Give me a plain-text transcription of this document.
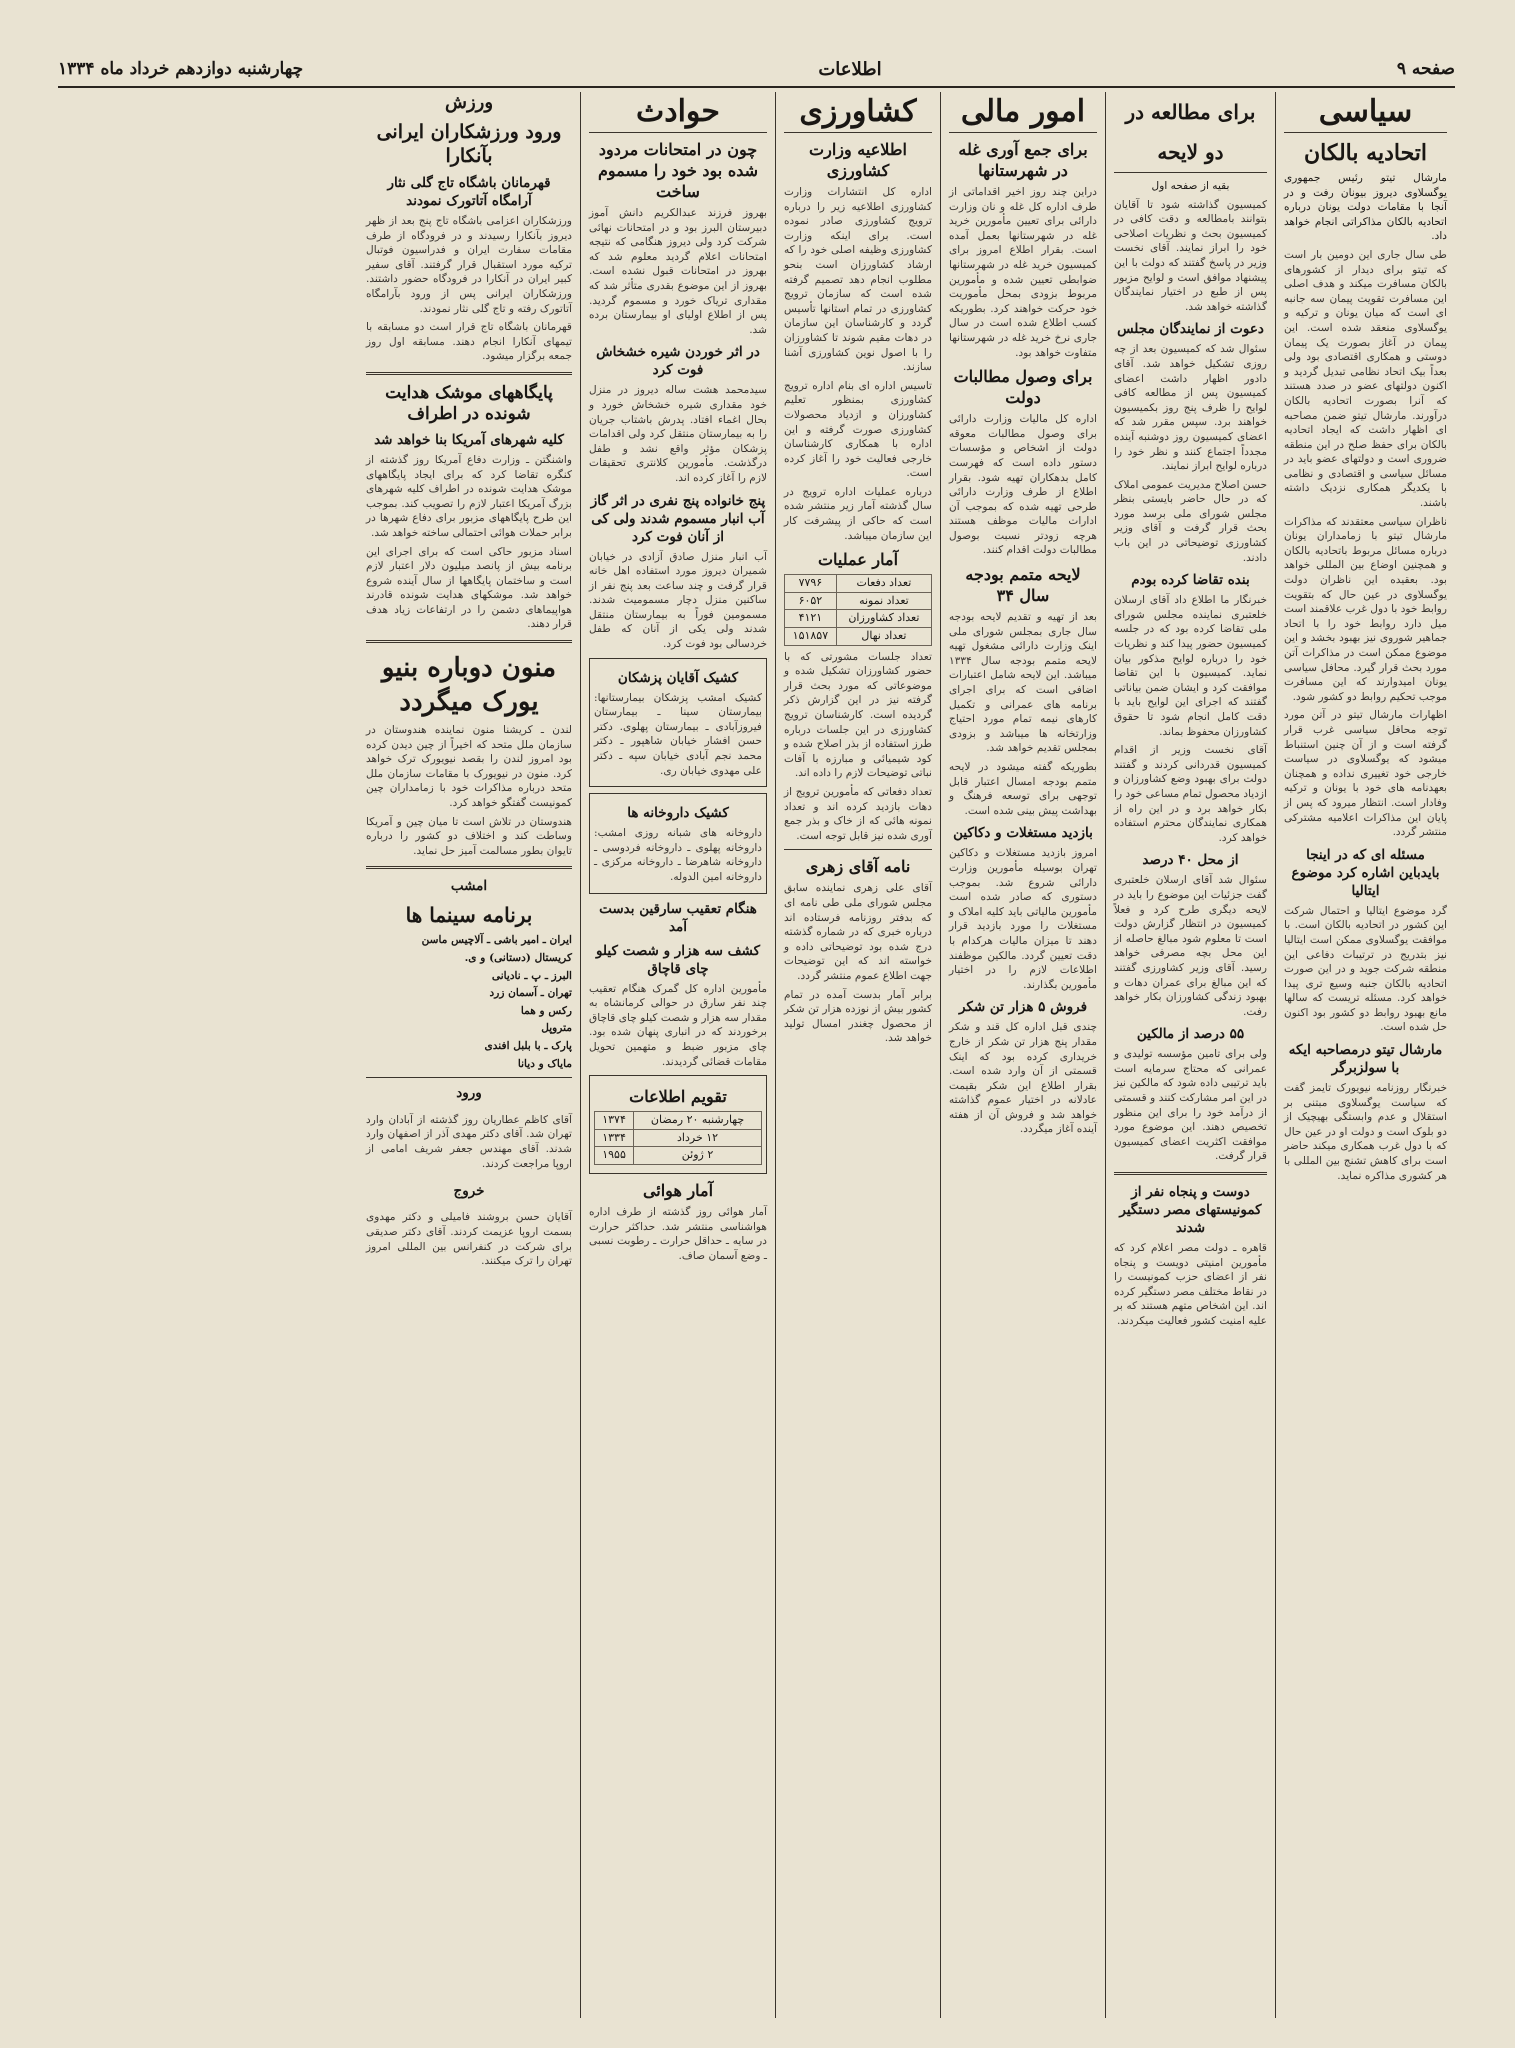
صفحه ۹
اطلاعات
چهارشنبه دوازدهم خرداد ماه ۱۳۳۴
سیاسی
اتحادیه بالکان

مارشال تیتو رئیس جمهوری یوگسلاوی دیروز بیونان رفت و در آنجا با مقامات دولت یونان درباره اتحادیه بالکان مذاکراتی انجام خواهد داد.

طی سال جاری این دومین بار است که تیتو برای دیدار از کشورهای بالکان مسافرت میکند و هدف اصلی این مسافرت تقویت پیمان سه جانبه ای است که میان یونان و ترکیه و یوگسلاوی منعقد شده است. این پیمان در آغاز بصورت یک پیمان دوستی و همکاری اقتصادی بود ولی بعداً بیک اتحاد نظامی تبدیل گردید و اکنون دولتهای عضو در صدد هستند که آنرا بصورت اتحادیه بالکان درآورند. مارشال تیتو ضمن مصاحبه ای اظهار داشت که ایجاد اتحادیه بالکان برای حفظ صلح در این منطقه ضروری است و دولتهای عضو باید در مسائل سیاسی و اقتصادی و نظامی با یکدیگر همکاری نزدیک داشته باشند.

ناظران سیاسی معتقدند که مذاکرات مارشال تیتو با زمامداران یونان درباره مسائل مربوط باتحادیه بالکان و همچنین اوضاع بین المللی خواهد بود. بعقیده این ناظران دولت یوگسلاوی در عین حال که بتقویت روابط خود با دول غرب علاقمند است میل دارد روابط خود را با اتحاد جماهیر شوروی نیز بهبود بخشد و این موضوع ممکن است در مذاکرات آتن مورد بحث قرار گیرد. محافل سیاسی یونان امیدوارند که این مسافرت موجب تحکیم روابط دو کشور شود.

اظهارات مارشال تیتو در آتن مورد توجه محافل سیاسی غرب قرار گرفته است و از آن چنین استنباط میشود که یوگسلاوی در سیاست خارجی خود تغییری نداده و همچنان بعهدنامه های خود با یونان و ترکیه وفادار است. انتظار میرود که پس از پایان این مذاکرات اعلامیه مشترکی منتشر گردد.

مسئله ای که در اینجا بایدباین اشاره کرد موضوع ایتالیا

گرد موضوع ایتالیا و احتمال شرکت این کشور در اتحادیه بالکان است. با موافقت یوگسلاوی ممکن است ایتالیا نیز بتدریج در ترتیبات دفاعی این منطقه شرکت جوید و در این صورت اتحادیه بالکان جنبه وسیع تری پیدا خواهد کرد. مسئله تریست که سالها مانع بهبود روابط دو کشور بود اکنون حل شده است.

مارشال تیتو درمصاحبه ایکه با سولزبرگر

خبرنگار روزنامه نیویورک تایمز گفت که سیاست یوگسلاوی مبتنی بر استقلال و عدم وابستگی بهیچیک از دو بلوک است و دولت او در عین حال که با دول غرب همکاری میکند حاضر است برای کاهش تشنج بین المللی با هر کشوری مذاکره نماید.

برای مطالعه در دو لایحه

بقیه از صفحه اول

کمیسیون گذاشته شود تا آقایان بتوانند بامطالعه و دقت کافی در کمیسیون بحث و نظریات اصلاحی خود را ابراز نمایند. آقای نخست وزیر در پاسخ گفتند که دولت با این پیشنهاد موافق است و لوایح مزبور پس از طبع در اختیار نمایندگان گذاشته خواهد شد.

دعوت از نمایندگان مجلس

سئوال شد که کمیسیون بعد از چه روزی تشکیل خواهد شد. آقای دادور اظهار داشت اعضای کمیسیون پس از مطالعه کافی لوایح را ظرف پنج روز بکمیسیون خواهند برد. سپس مقرر شد که اعضای کمیسیون روز دوشنبه آینده مجدداً اجتماع کنند و نظر خود را درباره لوایح ابراز نمایند.

حسن اصلاح مدیریت عمومی املاک که در حال حاضر بایستی بنظر مجلس شورای ملی برسد مورد بحث قرار گرفت و آقای وزیر کشاورزی توضیحاتی در این باب دادند.

بنده تقاضا کرده بودم

خبرنگار ما اطلاع داد آقای ارسلان خلعتبری نماینده مجلس شورای ملی تقاضا کرده بود که در جلسه کمیسیون حضور پیدا کند و نظریات خود را درباره لوایح مذکور بیان نماید. کمیسیون با این تقاضا موافقت کرد و ایشان ضمن بیاناتی گفتند که اجرای این لوایح باید با دقت کامل انجام شود تا حقوق کشاورزان محفوظ بماند.

آقای نخست وزیر از اقدام کمیسیون قدردانی کردند و گفتند دولت برای بهبود وضع کشاورزان و ازدیاد محصول تمام مساعی خود را بکار خواهد برد و در این راه از همکاری نمایندگان محترم استفاده خواهد کرد.

از محل ۴۰ درصد

سئوال شد آقای ارسلان خلعتبری گفت جزئیات این موضوع را باید در لایحه دیگری طرح کرد و فعلاً کمیسیون در انتظار گزارش دولت است تا معلوم شود مبالغ حاصله از این محل بچه مصرفی خواهد رسید. آقای وزیر کشاورزی گفتند که این مبالغ برای عمران دهات و بهبود زندگی کشاورزان بکار خواهد رفت.

۵۵ درصد از مالکین

ولی برای تامین مؤسسه تولیدی و عمرانی که محتاج سرمایه است باید ترتیبی داده شود که مالکین نیز در این امر مشارکت کنند و قسمتی از درآمد خود را برای این منظور تخصیص دهند. این موضوع مورد موافقت اکثریت اعضای کمیسیون قرار گرفت.

دوست و پنجاه نفر از کمونیستهای مصر دستگیر شدند

قاهره ـ دولت مصر اعلام کرد که مأمورین امنیتی دویست و پنجاه نفر از اعضای حزب کمونیست را در نقاط مختلف مصر دستگیر کرده اند. این اشخاص متهم هستند که بر علیه امنیت کشور فعالیت میکردند.

امور مالی
برای جمع آوری غله در شهرستانها

دراین چند روز اخیر اقداماتی از طرف اداره کل غله و نان وزارت دارائی برای تعیین مأمورین خرید غله در شهرستانها بعمل آمده است. بقرار اطلاع امروز برای کمیسیون خرید غله در شهرستانها ضوابطی تعیین شده و مأمورین مربوط بزودی بمحل مأموریت خود حرکت خواهند کرد. بطوریکه کسب اطلاع شده است در سال جاری نرخ خرید غله در شهرستانها متفاوت خواهد بود.

برای وصول مطالبات دولت

اداره کل مالیات وزارت دارائی برای وصول مطالبات معوقه دولت از اشخاص و مؤسسات دستور داده است که فهرست کامل بدهکاران تهیه شود. بقرار اطلاع از طرف وزارت دارائی طرحی تهیه شده که بموجب آن ادارات مالیات موظف هستند هرچه زودتر نسبت بوصول مطالبات دولت اقدام کنند.

لایحه متمم بودجه سال ۳۴

بعد از تهیه و تقدیم لایحه بودجه سال جاری بمجلس شورای ملی اینک وزارت دارائی مشغول تهیه لایحه متمم بودجه سال ۱۳۳۴ میباشد. این لایحه شامل اعتبارات اضافی است که برای اجرای برنامه های عمرانی و تکمیل کارهای نیمه تمام مورد احتیاج وزارتخانه ها میباشد و بزودی بمجلس تقدیم خواهد شد.

بطوریکه گفته میشود در لایحه متمم بودجه امسال اعتبار قابل توجهی برای توسعه فرهنگ و بهداشت پیش بینی شده است.

بازدید مستغلات و دکاکین

امروز بازدید مستغلات و دکاکین تهران بوسیله مأمورین وزارت دارائی شروع شد. بموجب دستوری که صادر شده است مأمورین مالیاتی باید کلیه املاک و مستغلات را مورد بازدید قرار دهند تا میزان مالیات هرکدام با دقت تعیین گردد. مالکین موظفند اطلاعات لازم را در اختیار مأمورین بگذارند.

فروش ۵ هزار تن شکر

چندی قبل اداره کل قند و شکر مقدار پنج هزار تن شکر از خارج خریداری کرده بود که اینک قسمتی از آن وارد شده است. بقرار اطلاع این شکر بقیمت عادلانه در اختیار عموم گذاشته خواهد شد و فروش آن از هفته آینده آغاز میگردد.

کشاورزی
اطلاعیه وزارت کشاورزی

اداره کل انتشارات وزارت کشاورزی اطلاعیه زیر را درباره ترویج کشاورزی صادر نموده است. برای اینکه وزارت کشاورزی وظیفه اصلی خود را که ارشاد کشاورزان است بنحو مطلوب انجام دهد تصمیم گرفته شده است که سازمان ترویج کشاورزی در تمام استانها تأسیس گردد و کارشناسان این سازمان در دهات مقیم شوند تا کشاورزان را با اصول نوین کشاورزی آشنا سازند.

تاسیس اداره ای بنام اداره ترویج کشاورزی بمنظور تعلیم کشاورزان و ازدیاد محصولات کشاورزی صورت گرفته و این اداره با همکاری کارشناسان خارجی فعالیت خود را آغاز کرده است.

درباره عملیات اداره ترویج در سال گذشته آمار زیر منتشر شده است که حاکی از پیشرفت کار این سازمان میباشد.

آمار عملیات
تعداد دفعات	۷۷۹۶
تعداد نمونه	۶۰۵۲
تعداد کشاورزان	۴۱۲۱
تعداد نهال	۱۵۱۸۵۷

تعداد جلسات مشورتی که با حضور کشاورزان تشکیل شده و موضوعاتی که مورد بحث قرار گرفته نیز در این گزارش ذکر گردیده است. کارشناسان ترویج کشاورزی در این جلسات درباره طرز استفاده از بذر اصلاح شده و کود شیمیائی و مبارزه با آفات نباتی توضیحات لازم را داده اند.

تعداد دفعاتی که مأمورین ترویج از دهات بازدید کرده اند و تعداد نمونه هائی که از خاک و بذر جمع آوری شده نیز قابل توجه است.

نامه آقای زهری

آقای علی زهری نماینده سابق مجلس شورای ملی طی نامه ای که بدفتر روزنامه فرستاده اند درباره خبری که در شماره گذشته درج شده بود توضیحاتی داده و خواسته اند که این توضیحات جهت اطلاع عموم منتشر گردد.

برابر آمار بدست آمده در تمام کشور بیش از نوزده هزار تن شکر از محصول چغندر امسال تولید خواهد شد.

حوادث
چون در امتحانات مردود شده بود خود را مسموم ساخت

بهروز فرزند عبدالکریم دانش آموز دبیرستان البرز بود و در امتحانات نهائی شرکت کرد ولی دیروز هنگامی که نتیجه امتحانات اعلام گردید معلوم شد که بهروز در امتحانات قبول نشده است. بهروز از این موضوع بقدری متأثر شد که مقداری تریاک خورد و مسموم گردید. پس از اطلاع اولیای او بیمارستان برده شد.

در اثر خوردن شیره خشخاش فوت کرد

سیدمحمد هشت ساله دیروز در منزل خود مقداری شیره خشخاش خورد و بحال اغماء افتاد. پدرش باشتاب جریان را به بیمارستان منتقل کرد ولی اقدامات پزشکان مؤثر واقع نشد و طفل درگذشت. مأمورین کلانتری تحقیقات لازم را آغاز کرده اند.

پنج خانواده پنج نفری در اثر گاز آب انبار مسموم شدند ولی کی از آنان فوت کرد

آب انبار منزل صادق آزادی در خیابان شمیران دیروز مورد استفاده اهل خانه قرار گرفت و چند ساعت بعد پنج نفر از ساکنین منزل دچار مسمومیت شدند. مسمومین فوراً به بیمارستان منتقل شدند ولی یکی از آنان که طفل خردسالی بود فوت کرد.

کشیک آقایان پزشکان

کشیک امشب پزشکان بیمارستانها: بیمارستان سینا ـ بیمارستان فیروزآبادی ـ بیمارستان پهلوی. دکتر حسن افشار خیابان شاهپور ـ دکتر محمد نجم آبادی خیابان سپه ـ دکتر علی مهدوی خیابان ری.

کشیک داروخانه ها

داروخانه های شبانه روزی امشب: داروخانه پهلوی ـ داروخانه فردوسی ـ داروخانه شاهرضا ـ داروخانه مرکزی ـ داروخانه امین الدوله.

هنگام تعقیب سارقین بدست آمد
کشف سه هزار و شصت کیلو چای قاچاق

مأمورین اداره کل گمرک هنگام تعقیب چند نفر سارق در حوالی کرمانشاه به مقدار سه هزار و شصت کیلو چای قاچاق برخوردند که در انباری پنهان شده بود. چای مزبور ضبط و متهمین تحویل مقامات قضائی گردیدند.

تقویم اطلاعات
چهارشنبه ۲۰ رمضان	۱۳۷۴
۱۲ خرداد	۱۳۳۴
۲ ژوئن	۱۹۵۵
آمار هوائی

آمار هوائی روز گذشته از طرف اداره هواشناسی منتشر شد. حداکثر حرارت در سایه ـ حداقل حرارت ـ رطوبت نسبی ـ وضع آسمان صاف.

ورزش
ورود ورزشکاران ایرانی بآنکارا
قهرمانان باشگاه تاج گلی نثار آرامگاه آتاتورک نمودند

ورزشکاران اعزامی باشگاه تاج پنج بعد از ظهر دیروز بآنکارا رسیدند و در فرودگاه از طرف مقامات سفارت ایران و فدراسیون فوتبال ترکیه مورد استقبال قرار گرفتند. آقای سفیر کبیر ایران در آنکارا در فرودگاه حضور داشتند. ورزشکاران ایرانی پس از ورود بآرامگاه آتاتورک رفته و تاج گلی نثار نمودند.

قهرمانان باشگاه تاج قرار است دو مسابقه با تیمهای آنکارا انجام دهند. مسابقه اول روز جمعه برگزار میشود.

پایگاههای موشک هدایت شونده در اطراف
کلیه شهرهای آمریکا بنا خواهد شد

واشنگتن ـ وزارت دفاع آمریکا روز گذشته از کنگره تقاضا کرد که برای ایجاد پایگاههای موشک هدایت شونده در اطراف کلیه شهرهای بزرگ آمریکا اعتبار لازم را تصویب کند. بموجب این طرح پایگاههای مزبور برای دفاع شهرها در برابر حملات هوائی احتمالی ساخته خواهد شد.

اسناد مزبور حاکی است که برای اجرای این برنامه بیش از پانصد میلیون دلار اعتبار لازم است و ساختمان پایگاهها از سال آینده شروع خواهد شد. موشکهای هدایت شونده قادرند هواپیماهای دشمن را در ارتفاعات زیاد هدف قرار دهند.

منون دوباره بنیو یورک میگردد

لندن ـ کریشنا منون نماینده هندوستان در سازمان ملل متحد که اخیراً از چین دیدن کرده بود امروز لندن را بقصد نیویورک ترک خواهد کرد. منون در نیویورک با مقامات سازمان ملل متحد درباره مذاکرات خود با زمامداران چین کمونیست گفتگو خواهد کرد.

هندوستان در تلاش است تا میان چین و آمریکا وساطت کند و اختلاف دو کشور را درباره تایوان بطور مسالمت آمیز حل نماید.

امشب
برنامه سینما ها
ایران ـ امیر باشی ـ آلاچیس ماسن
کریستال (دستانی) و ی.
البرز ـ پ ـ نادیانی
تهران ـ آسمان زرد
رکس و هما
متروپل
پارک ـ با بلبل افندی
مایاک و دیانا
ورود

آقای کاظم عطاریان روز گذشته از آبادان وارد تهران شد. آقای دکتر مهدی آذر از اصفهان وارد شدند. آقای مهندس جعفر شریف امامی از اروپا مراجعت کردند.

خروج

آقایان حسن بروشند فامیلی و دکتر مهدوی بسمت اروپا عزیمت کردند. آقای دکتر صدیقی برای شرکت در کنفرانس بین المللی امروز تهران را ترک میکنند.
